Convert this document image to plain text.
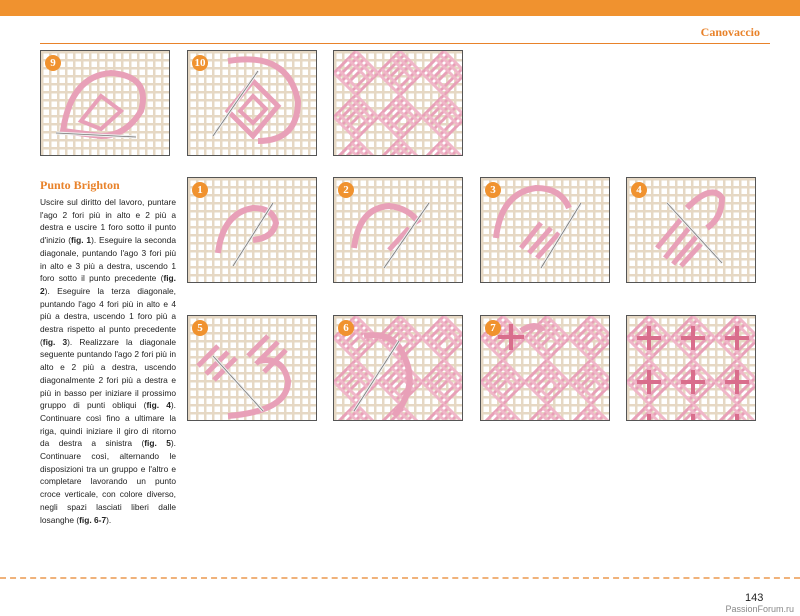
Canovaccio
9	10
Punto Brighton

Uscire sul diritto del lavoro, puntare l'ago 2 fori più in alto e 2 più a destra e uscire 1 foro sotto il punto d'inizio (fig. 1). Eseguire la seconda diagonale, puntando l'ago 3 fori più in alto e 3 più a destra, uscendo 1 foro sotto il punto precedente (fig. 2). Eseguire la terza diagonale, puntando l'ago 4 fori più in alto e 4 più a destra, uscendo 1 foro più a destra rispetto al punto precedente (fig. 3). Realizzare la diagonale seguente puntando l'ago 2 fori più in alto e 2 più a destra, uscendo diagonalmente 2 fori più a destra e più in basso per iniziare il prossimo gruppo di punti obliqui (fig. 4). Continuare così fino a ultimare la riga, quindi iniziare il giro di ritorno da destra a sinistra (fig. 5). Continuare così, alternando le disposizioni tra un gruppo e l'altro e completare lavorando un punto croce verticale, con colore diverso, negli spazi lasciati liberi dalle losanghe (fig. 6-7).

1	2	3	4
5	6	7
143
PassionForum.ru
